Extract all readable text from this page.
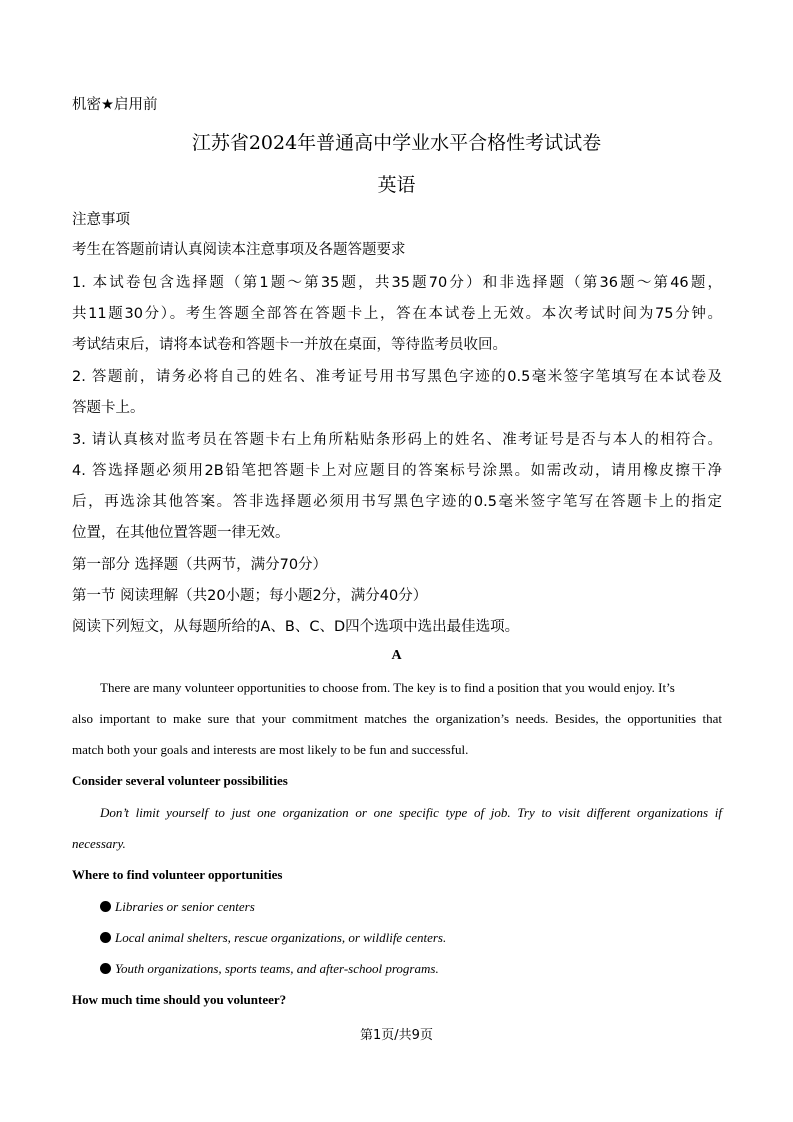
机密★启用前
江苏省2024年普通高中学业水平合格性考试试卷
英语
注意事项
考生在答题前请认真阅读本注意事项及各题答题要求
1. 本试卷包含选择题（第1题～第35题，共35题70分）和非选择题（第36题～第46题，
共11题30分）。考生答题全部答在答题卡上，答在本试卷上无效。本次考试时间为75分钟。
考试结束后，请将本试卷和答题卡一并放在桌面，等待监考员收回。
2. 答题前，请务必将自己的姓名、准考证号用书写黑色字迹的0.5毫米签字笔填写在本试卷及
答题卡上。
3. 请认真核对监考员在答题卡右上角所粘贴条形码上的姓名、准考证号是否与本人的相符合。
4. 答选择题必须用2B铅笔把答题卡上对应题目的答案标号涂黑。如需改动，请用橡皮擦干净
后，再选涂其他答案。答非选择题必须用书写黑色字迹的0.5毫米签字笔写在答题卡上的指定
位置，在其他位置答题一律无效。
第一部分 选择题（共两节，满分70分）
第一节 阅读理解（共20小题；每小题2分，满分40分）
阅读下列短文，从每题所给的A、B、C、D四个选项中选出最佳选项。
A
There are many volunteer opportunities to choose from. The key is to find a position that you would enjoy. It’s
also important to make sure that your commitment matches the organization’s needs. Besides, the opportunities that
match both your goals and interests are most likely to be fun and successful.
Consider several volunteer possibilities
Don’t limit yourself to just one organization or one specific type of job. Try to visit different organizations if
necessary.
Where to find volunteer opportunities
Libraries or senior centers
Local animal shelters, rescue organizations, or wildlife centers.
Youth organizations, sports teams, and after-school programs.
How much time should you volunteer?
第1页/共9页
